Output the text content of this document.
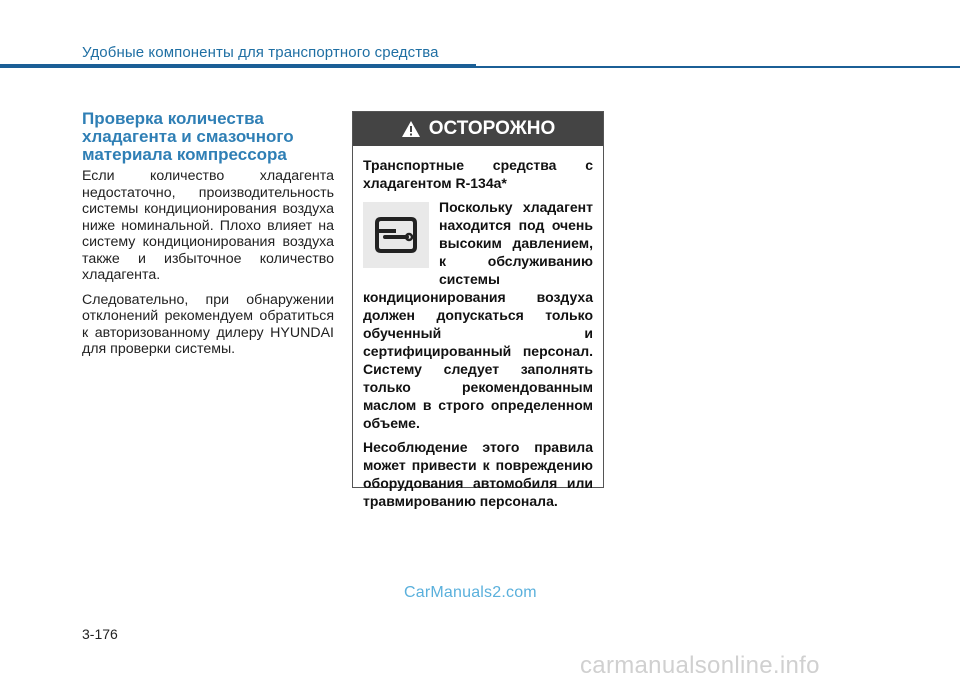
Удобные компоненты для транспортного средства
Проверка количества хладагента и смазочного материала компрессора

Если количество хладагента недостаточно, производительность системы кондиционирования воздуха ниже номинальной. Плохо влияет на систему кондиционирования воздуха также и избыточное количество хладагента.

Следовательно, при обнаружении отклонений рекомендуем обратиться к авторизованному дилеру HYUNDAI для проверки системы.

ОСТОРОЖНО

Транспортные средства с хладагентом R-134a*

Поскольку хладагент находится под очень высоким давлением, к обслуживанию системы кондиционирования воздуха должен допускаться только обученный и сертифицированный персонал. Систему следует заполнять только рекомендованным маслом в строго определенном объеме.

Несоблюдение этого правила может привести к повреждению оборудования автомобиля или травмированию персонала.

CarManuals2.com
3-176
carmanualsonline.info
